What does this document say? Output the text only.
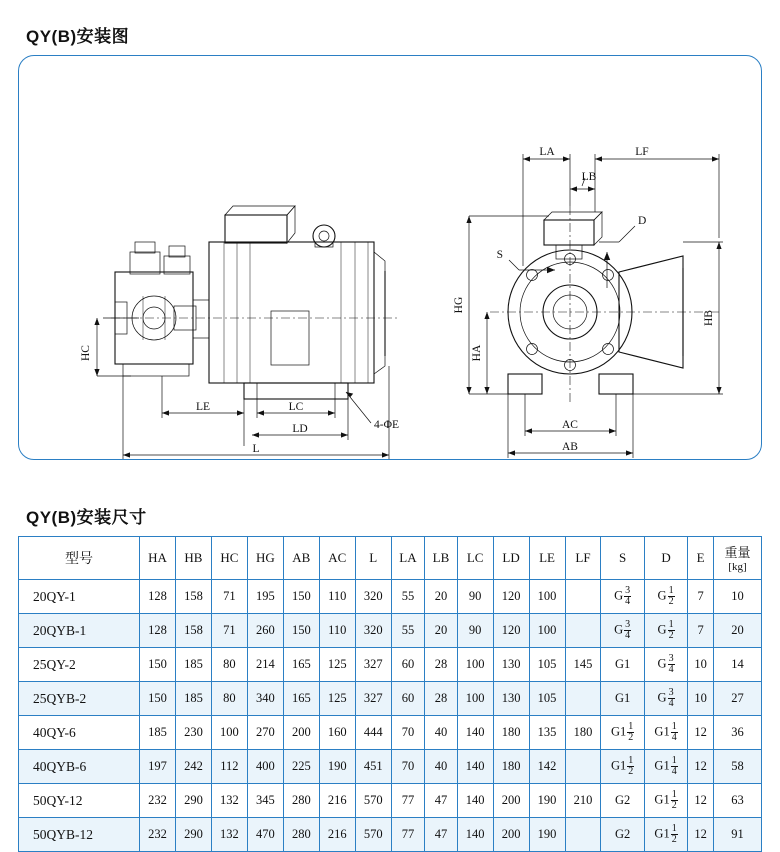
QY(B)安装图
HC
LE	LC
LD
L
4-ΦE
D
S
HG
HA
HB
LA	LF
LB
AC
AB
QY(B)安装尺寸
型号	HA	HB	HC	HG	AB	AC	L	LA	LB	LC	LD	LE	LF	S	D	E	重量
[kg]

20QY-1	128	158	71	195	150	110	320	55	20	90	120	100		G $\frac{3}{4}$	G $\frac{1}{2}$	7	10
20QYB-1	128	158	71	260	150	110	320	55	20	90	120	100		G $\frac{3}{4}$	G $\frac{1}{2}$	7	20
25QY-2	150	185	80	214	165	125	327	60	28	100	130	105	145	G1	G $\frac{3}{4}$	10	14
25QYB-2	150	185	80	340	165	125	327	60	28	100	130	105		G1	G $\frac{3}{4}$	10	27
40QY-6	185	230	100	270	200	160	444	70	40	140	180	135	180	$G1 \frac{1}{2}$	$G1 \frac{1}{4}$	12	36
40QYB-6	197	242	112	400	225	190	451	70	40	140	180	142		$G1 \frac{1}{2}$	$G1 \frac{1}{4}$	12	58
50QY-12	232	290	132	345	280	216	570	77	47	140	200	190	210	G2	$G1 \frac{1}{2}$	12	63
50QYB-12	232	290	132	470	280	216	570	77	47	140	200	190		G2	$G1 \frac{1}{2}$	12	91
